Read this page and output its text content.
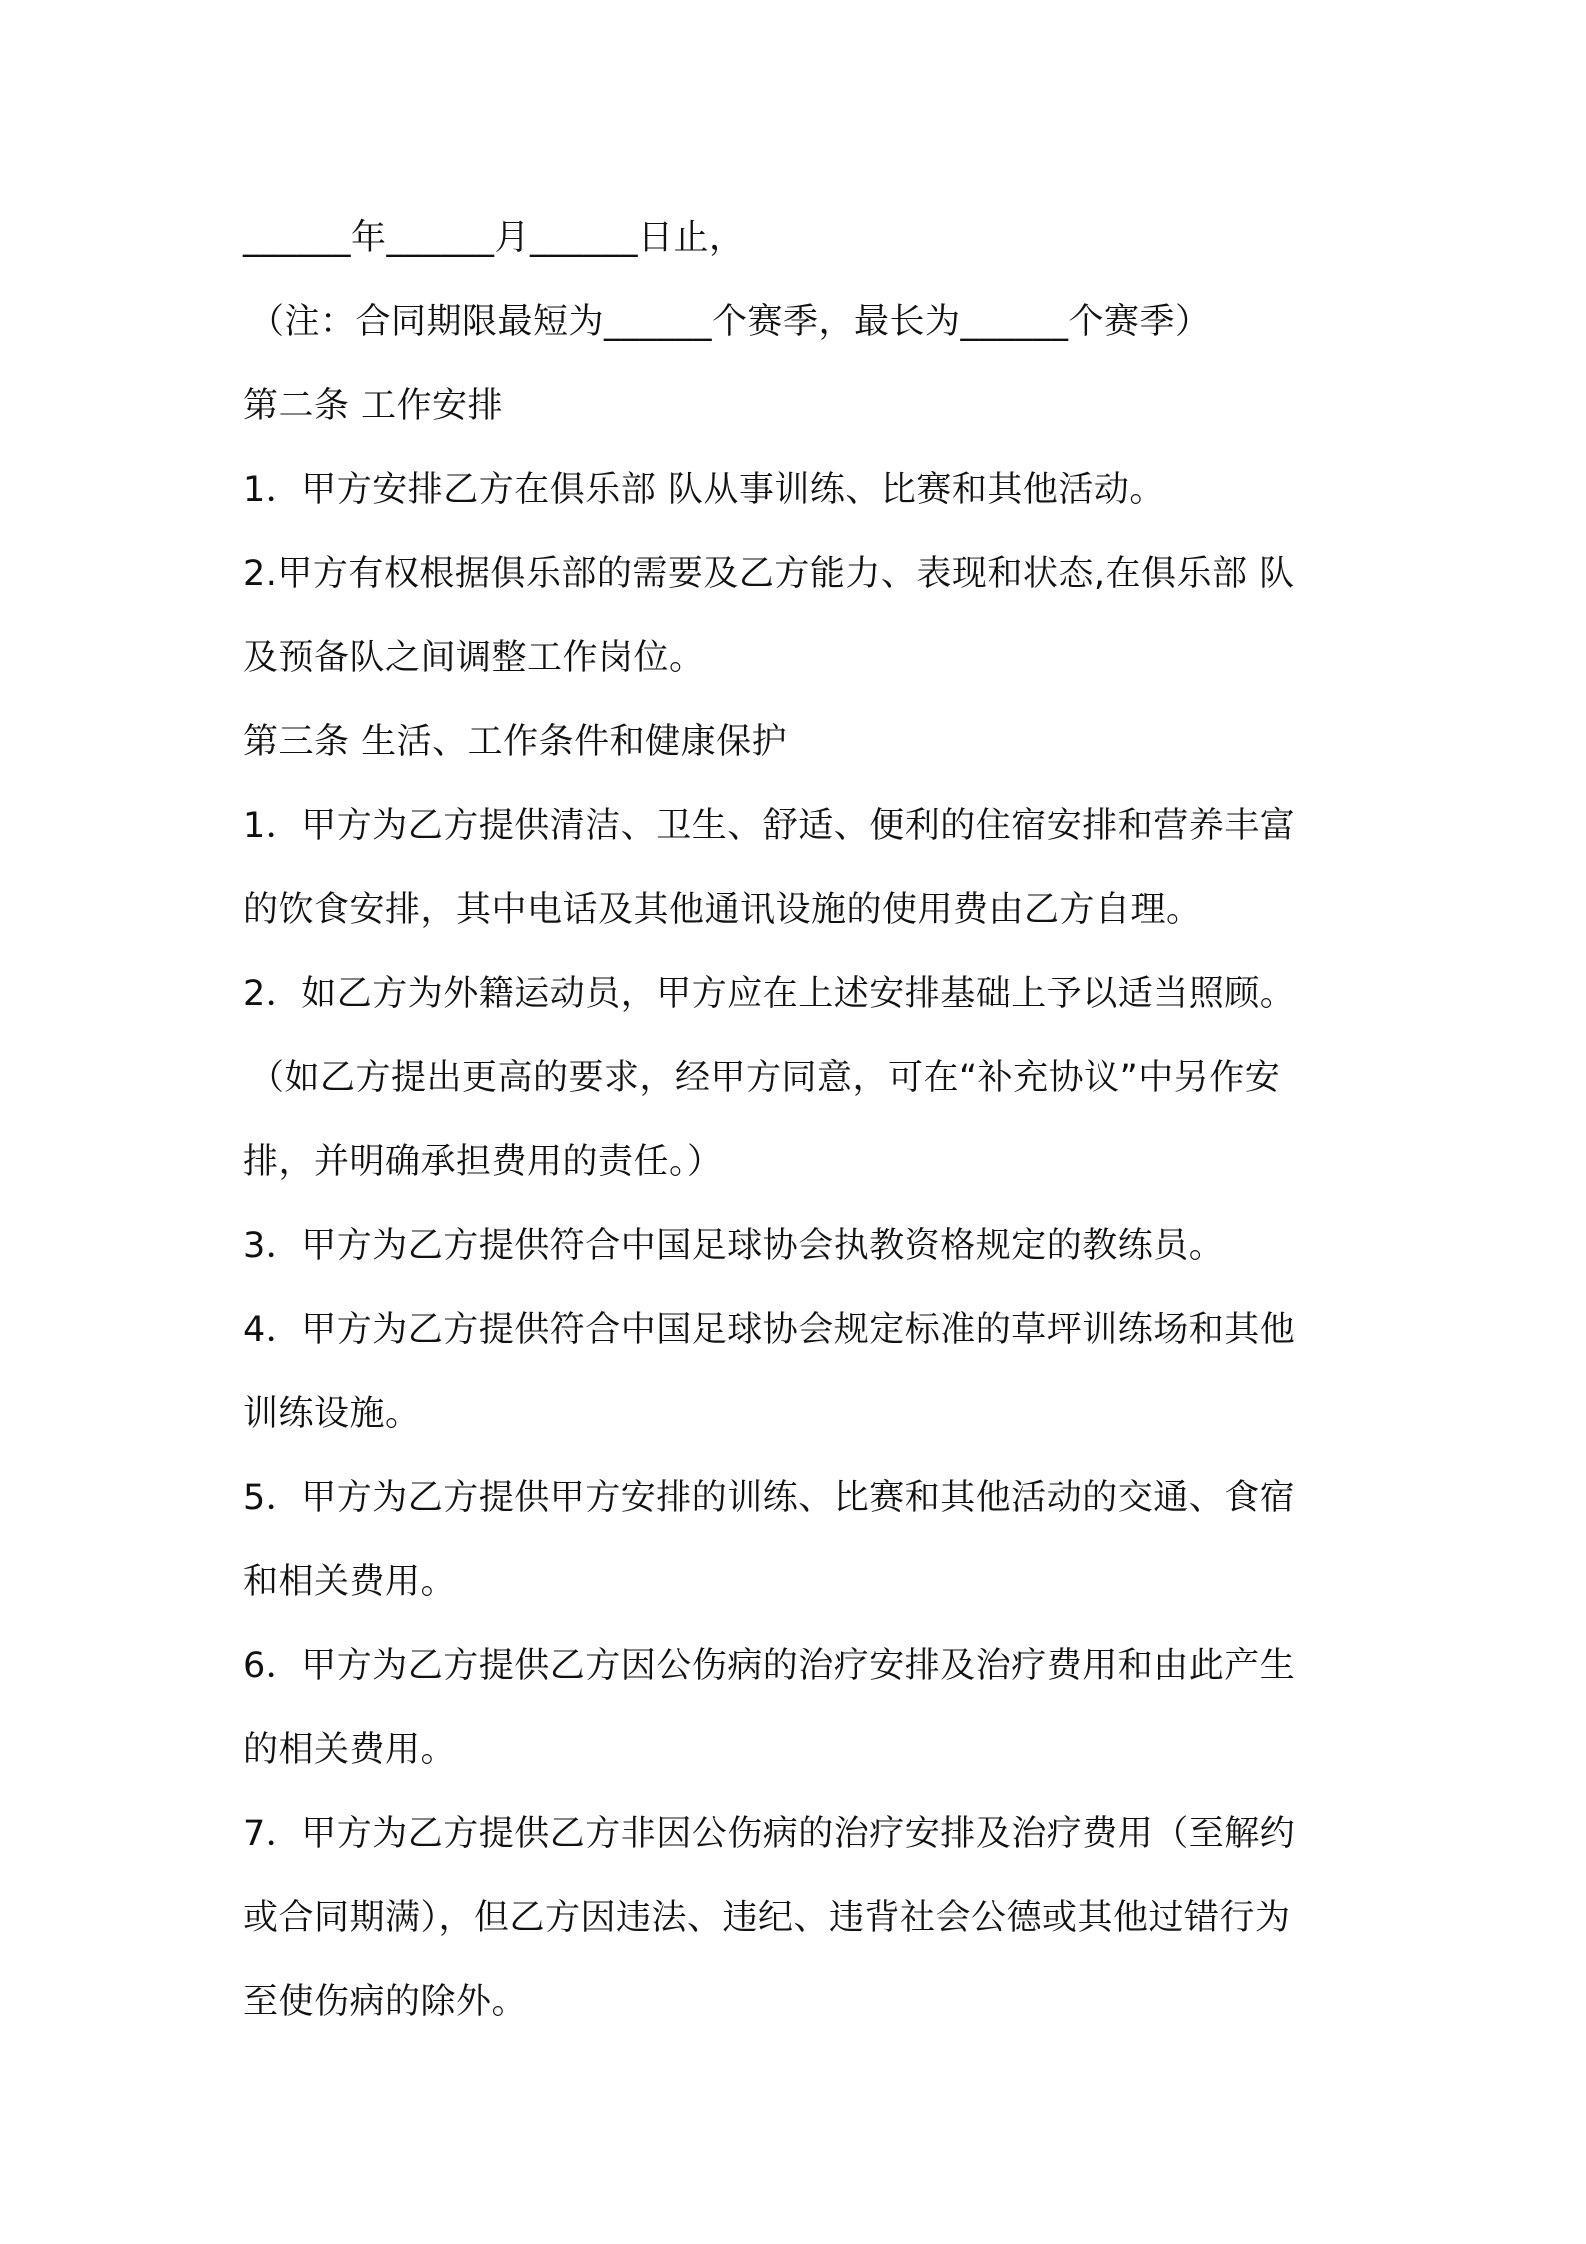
______年______月______日止，
（注：合同期限最短为______个赛季，最长为______个赛季）
第二条 工作安排
1．甲方安排乙方在俱乐部 队从事训练、比赛和其他活动。
2.甲方有权根据俱乐部的需要及乙方能力、表现和状态,在俱乐部 队
及预备队之间调整工作岗位。
第三条 生活、工作条件和健康保护
1．甲方为乙方提供清洁、卫生、舒适、便利的住宿安排和营养丰富
的饮食安排，其中电话及其他通讯设施的使用费由乙方自理。
2．如乙方为外籍运动员，甲方应在上述安排基础上予以适当照顾。
（如乙方提出更高的要求，经甲方同意，可在“补充协议”中另作安
排，并明确承担费用的责任。）
3．甲方为乙方提供符合中国足球协会执教资格规定的教练员。
4．甲方为乙方提供符合中国足球协会规定标准的草坪训练场和其他
训练设施。
5．甲方为乙方提供甲方安排的训练、比赛和其他活动的交通、食宿
和相关费用。
6．甲方为乙方提供乙方因公伤病的治疗安排及治疗费用和由此产生
的相关费用。
7．甲方为乙方提供乙方非因公伤病的治疗安排及治疗费用（至解约
或合同期满），但乙方因违法、违纪、违背社会公德或其他过错行为
至使伤病的除外。
